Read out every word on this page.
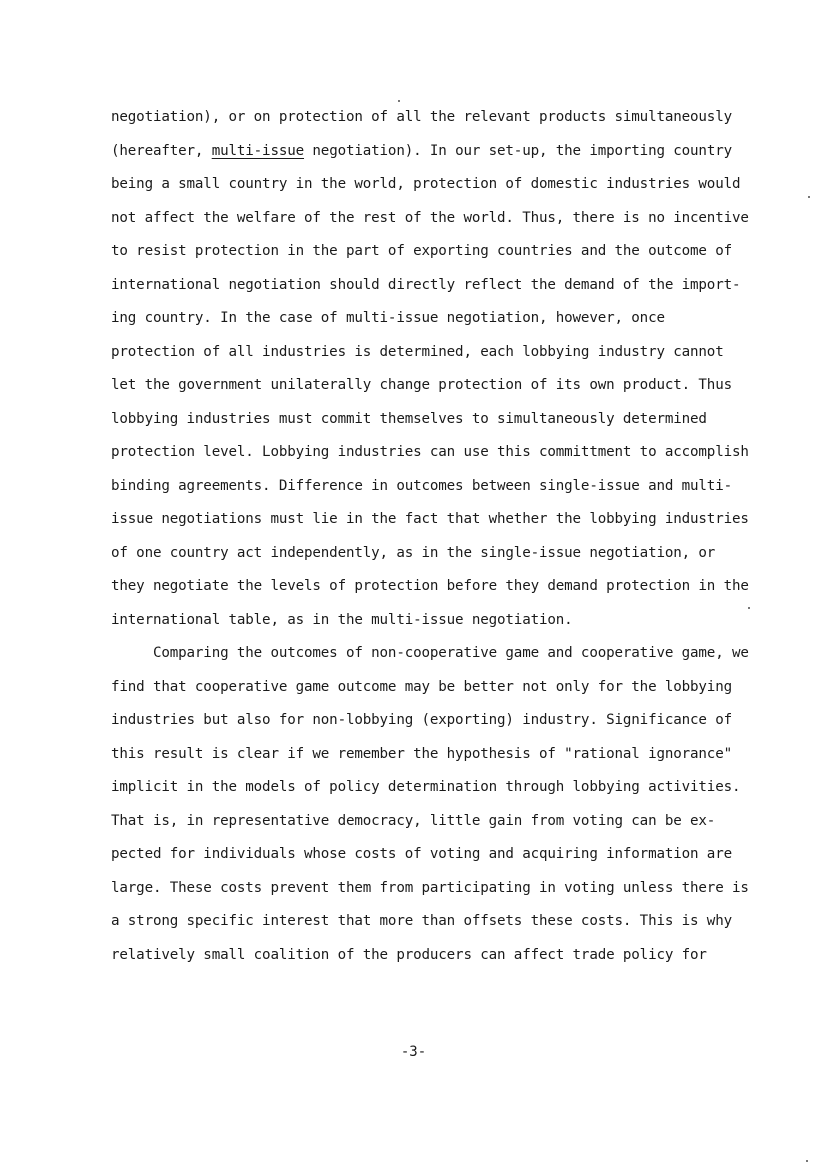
negotiation), or on protection of all the relevant products simultaneously
(hereafter, multi-issue negotiation). In our set-up, the importing country
being a small country in the world, protection of domestic industries would
not affect the welfare of the rest of the world. Thus, there is no incentive
to resist protection in the part of exporting countries and the outcome of
international negotiation should directly reflect the demand of the import-
ing country. In the case of multi-issue negotiation, however, once
protection of all industries is determined, each lobbying industry cannot
let the government unilaterally change protection of its own product. Thus
lobbying industries must commit themselves to simultaneously determined
protection level. Lobbying industries can use this committment to accomplish
binding agreements. Difference in outcomes between single-issue and multi-
issue negotiations must lie in the fact that whether the lobbying industries
of one country act independently, as in the single-issue negotiation, or
they negotiate the levels of protection before they demand protection in the
international table, as in the multi-issue negotiation.
Comparing the outcomes of non-cooperative game and cooperative game, we
find that cooperative game outcome may be better not only for the lobbying
industries but also for non-lobbying (exporting) industry. Significance of
this result is clear if we remember the hypothesis of "rational ignorance"
implicit in the models of policy determination through lobbying activities.
That is, in representative democracy, little gain from voting can be ex-
pected for individuals whose costs of voting and acquiring information are
large. These costs prevent them from participating in voting unless there is
a strong specific interest that more than offsets these costs. This is why
relatively small coalition of the producers can affect trade policy for
-3-
